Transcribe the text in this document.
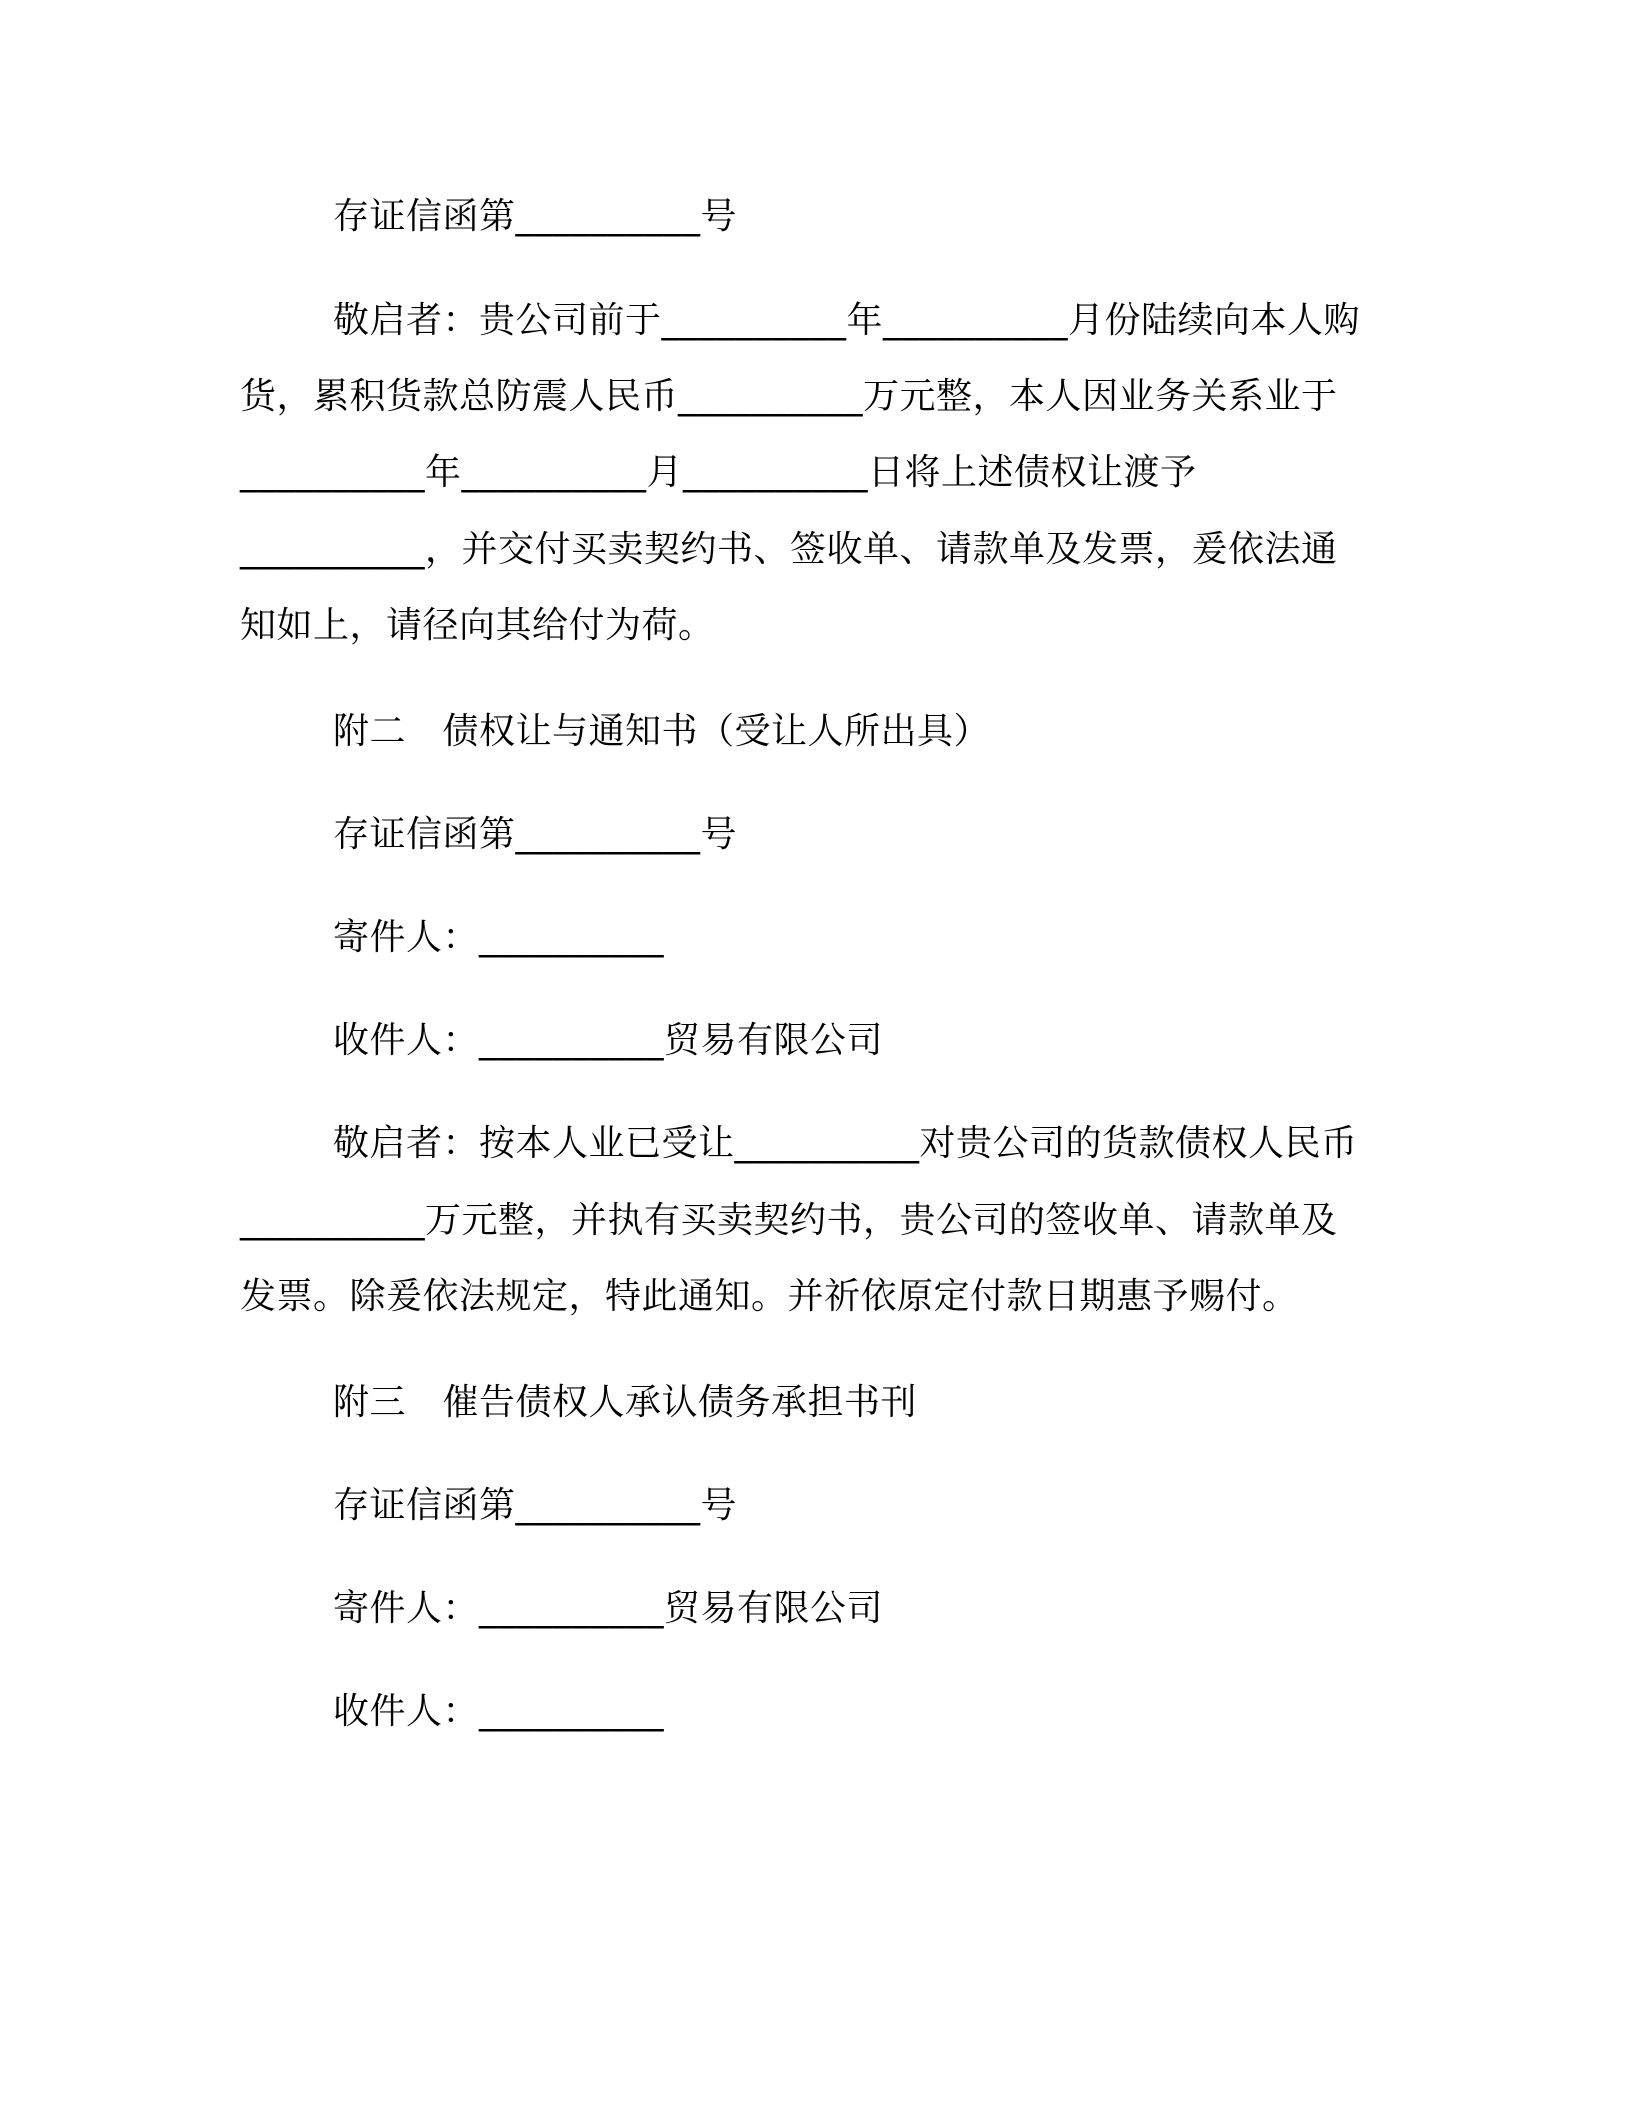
存证信函第__________号

敬启者：贵公司前于__________年__________月份陆续向本人购

货，累积货款总防震人民币__________万元整，本人因业务关系业于

__________年__________月__________日将上述债权让渡予

__________，并交付买卖契约书、签收单、请款单及发票，爰依法通

知如上，请径向其给付为荷。

附二　债权让与通知书（受让人所出具）

存证信函第__________号

寄件人：__________

收件人：__________贸易有限公司

敬启者：按本人业已受让__________对贵公司的货款债权人民币

__________万元整，并执有买卖契约书，贵公司的签收单、请款单及

发票。除爰依法规定，特此通知。并祈依原定付款日期惠予赐付。

附三　催告债权人承认债务承担书刊

存证信函第__________号

寄件人：__________贸易有限公司

收件人：__________
